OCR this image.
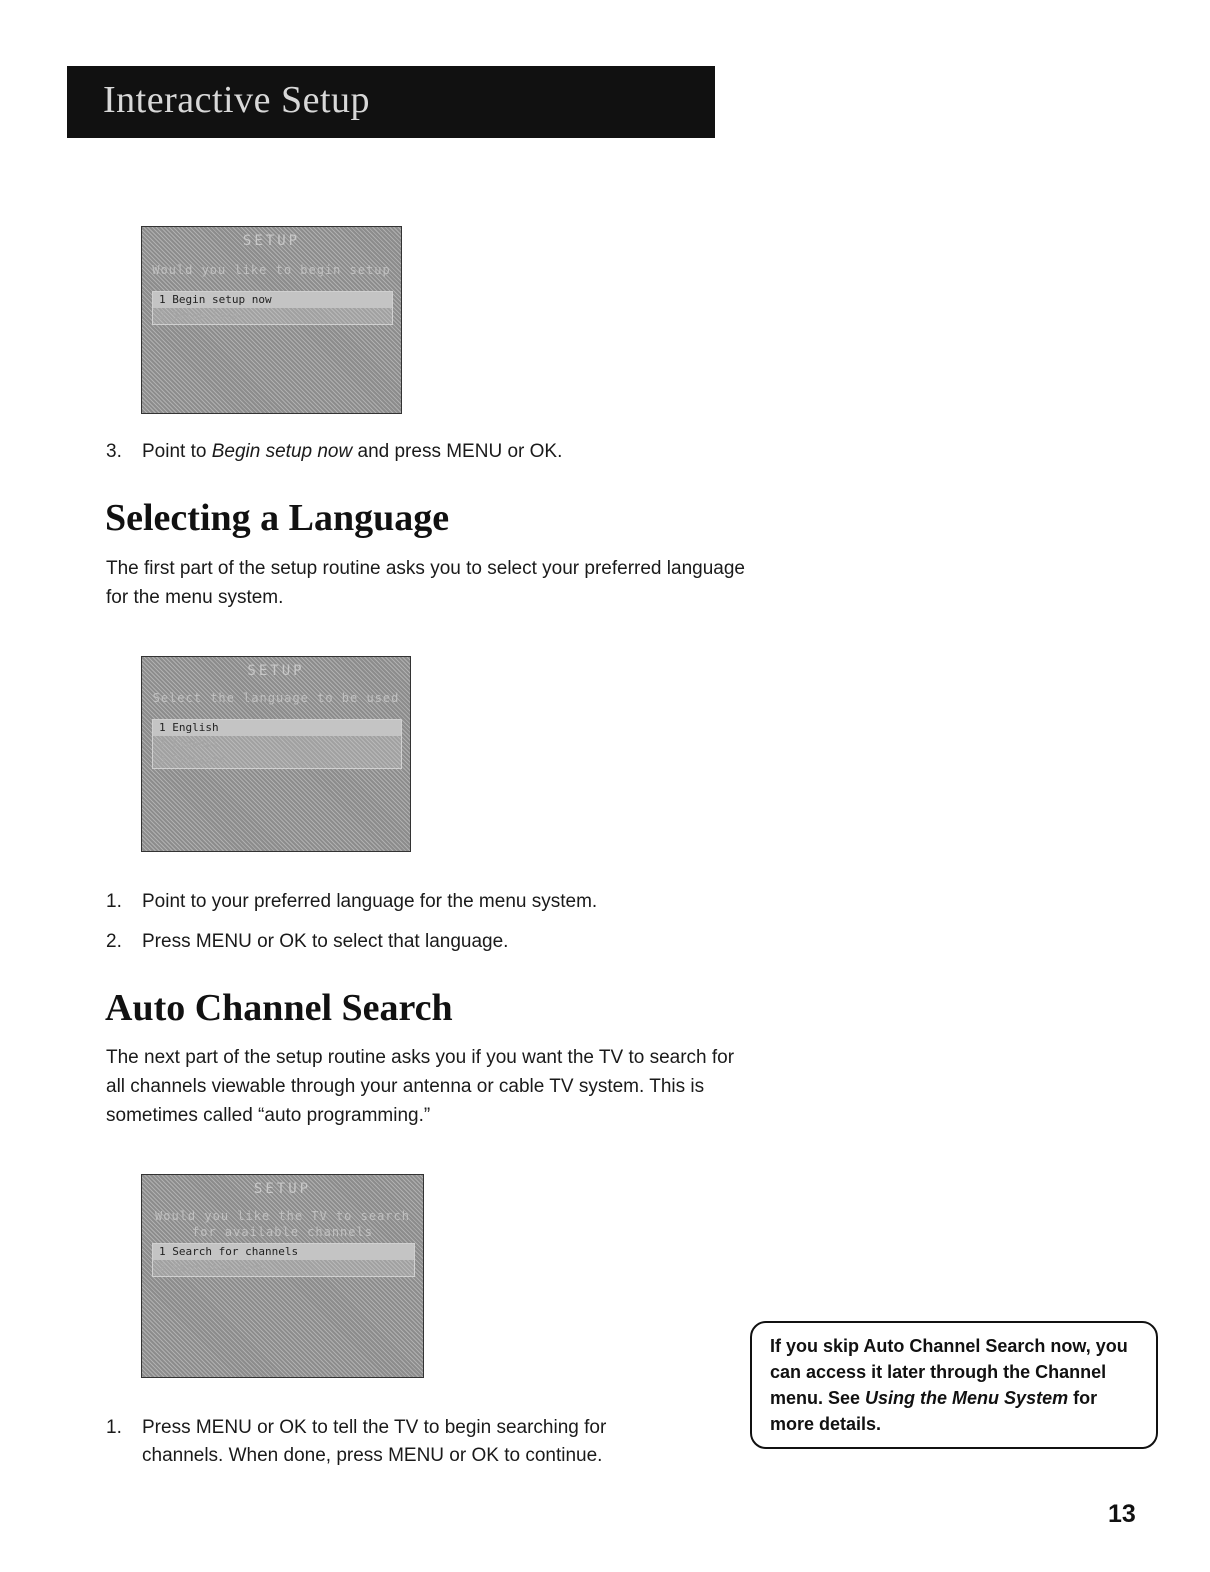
Interactive Setup
SETUP
Would you like to begin setup
1 Begin setup now
2 Setup later
3. Point to Begin setup now and press MENU or OK.
Selecting a Language
The first part of the setup routine asks you to select your preferred language for the menu system.
SETUP
Select the language to be used
1 English
2 Español
3 Français
1. Point to your preferred language for the menu system.
2. Press MENU or OK to select that language.
Auto Channel Search
The next part of the setup routine asks you if you want the TV to search for all channels viewable through your antenna or cable TV system. This is sometimes called “auto programming.”
SETUP
Would you like the TV to search
for available channels
1 Search for channels
2 Skip this step
1. Press MENU or OK to tell the TV to begin searching for
channels. When done, press MENU or OK to continue.
If you skip Auto Channel Search now, you can access it later through the Channel menu. See Using the Menu System for more details.
13
